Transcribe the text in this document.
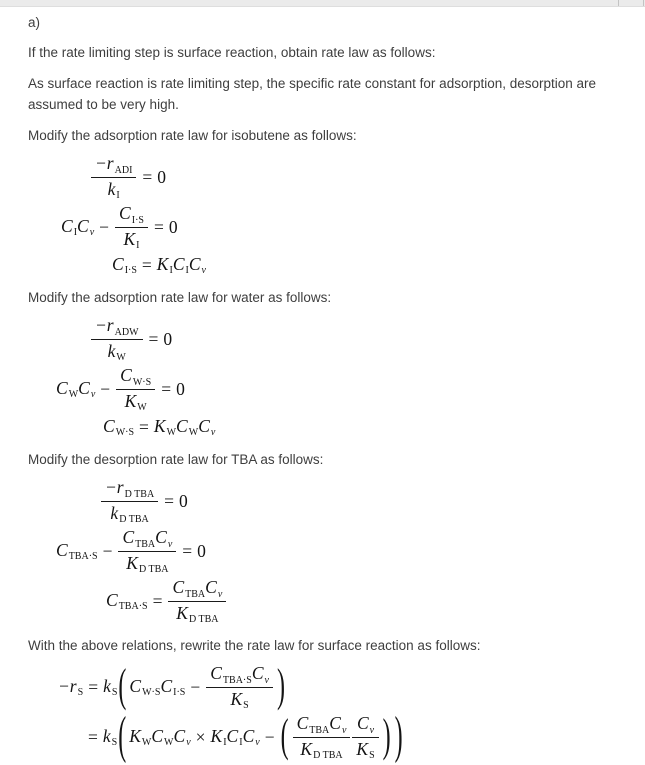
a)

If the rate limiting step is surface reaction, obtain rate law as follows:

As surface reaction is rate limiting step, the specific rate constant for adsorption, desorption are assumed to be very high.

Modify the adsorption rate law for isobutene as follows:

$\frac{-r_{ADI}}{k_I} = 0$
$C_I$ $C_v - \frac{C_{I\cdot S}}{K_I} = 0$
$C_{I\cdot S} = K_I$ $C_I$ $C_v$

Modify the adsorption rate law for water as follows:

$\frac{-r_{ADW}}{k_W} = 0$
$C_W$ $C_v - \frac{C_{W\cdot S}}{K_W} = 0$
$C_{W\cdot S} = K_W$ $C_W$ $C_v$

Modify the desorption rate law for TBA as follows:

$\frac{-r_{D TBA}}{k_{D TBA}} = 0$
$C_{TBA\cdot S} - \frac{C_{TBA}C_v}{K_{D TBA}} = 0$
$C_{TBA\cdot S} = \frac{C_{TBA}C_v}{K_{D TBA}}$

With the above relations, rewrite the rate law for surface reaction as follows:

$-r_S = k_S$ ( $C_{W\cdot S}$ $C_{I\cdot S} - \frac{C_{TBA\cdot S}C_v}{K_S}$ )
= $k_S$ ( $K_W$ $C_W$ $C_v \times K_I$ $C_I$ $C_v$ − ( $\frac{C_{TBA}C_v}{K_{D TBA}} \frac{C_v}{K_S}$ ) )
